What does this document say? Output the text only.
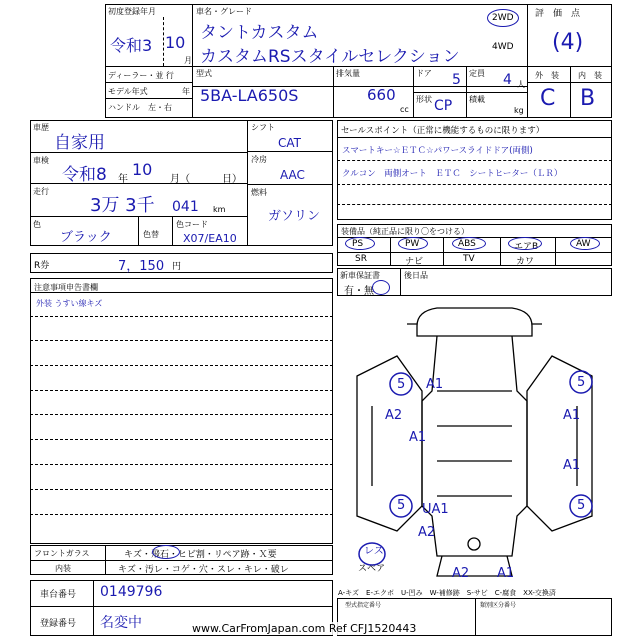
初度登録年月
令和3 10
月
ディーラー・並 行
モデル年式	年
ハンドル　左・右
車名・グレード
タントカスタム
カスタムRSスタイルセレクション
2WD
4WD
型式
5BA-LA650S
排気量
660
cc
ドア 5 定員 4 人
形状 CP 積載
kg
評　価　点
(4)
外　装 内　装
C B
車歴
自家用
車検
令和8 年
10
月（	日）
走行
3万 3千 041 km
色
ブラック	色替
色コード
X07/EA10
シフト
CAT
冷房
AAC
燃料
ガソリン
R券	7，150 円
セールスポイント（正常に機能するものに限ります）
スマートキー☆ＥＴＣ☆パワースライドドア(両側)
クルコン　両側オート　ＥＴＣ　シートヒーター（ＬＲ）
装備品（純正品に限り〇をつける）
PS	PW	ABS	エアB	AW
SR	ナビ	TV	カワ
新車保証書
有・無
後日品
注意事項申告書欄
外装 うすい線キズ
フロントガラス	キズ・飛石・ヒビ割・リペア跡・Ｘ要
内装	キズ・汚レ・コゲ・穴・スレ・キレ・破レ
車台番号 0149796
登録番号 名変中
5 A1	5
A2	A1
A1
A1
5 UA1	5
A2
A2 A1
レス
スペア
A-キズ　E-エクボ　U-凹み　W-補修跡　S-サビ　C-腐食　XX-交換済
型式指定番号	類別区分番号
www.CarFromJapan.com Ref CFJ1520443
